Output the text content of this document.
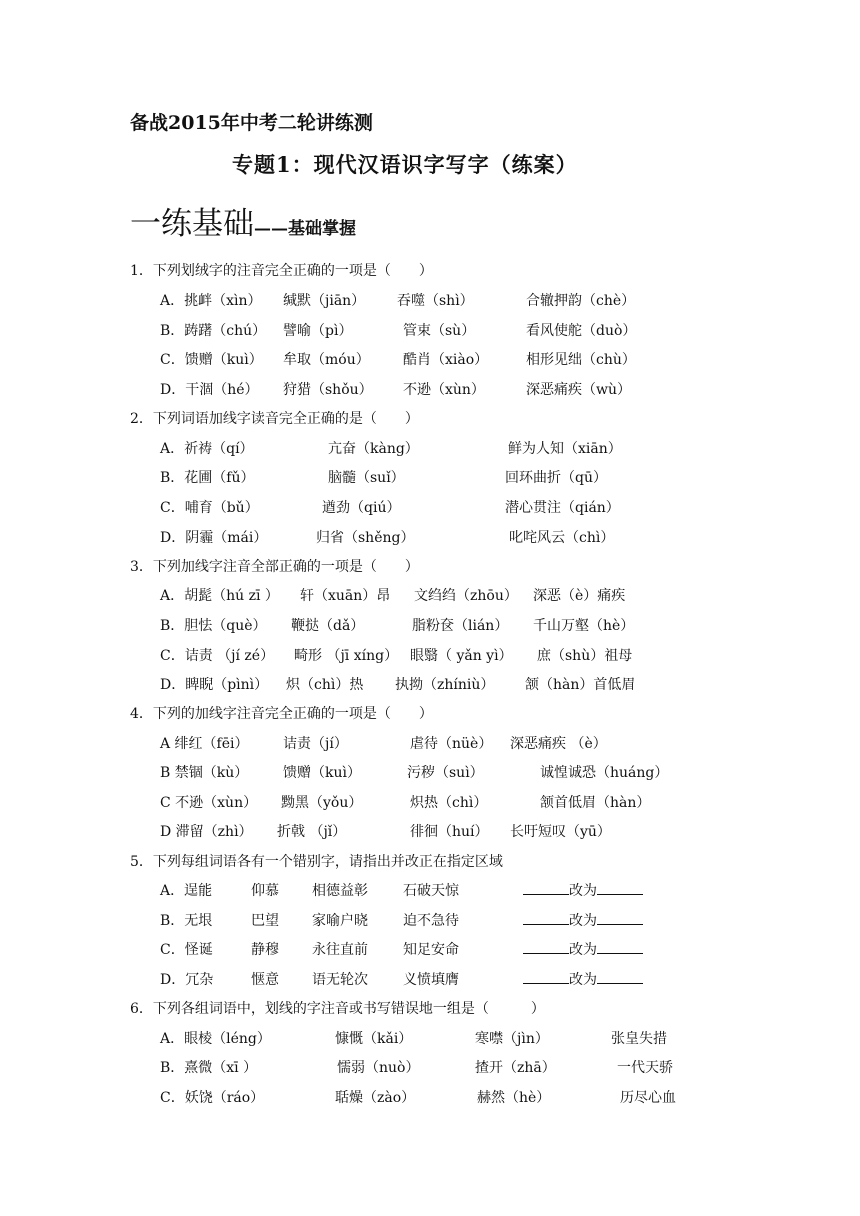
备战2015年中考二轮讲练测
专题1：现代汉语识字写字（练案）
一练基础——基础掌握
1．下列划绒字的注音完全正确的一项是（　　）
A．挑衅（xìn） 缄默（jiān） 吞噬（shì）	合辙押韵（chè）
B．踌躇（chú） 譬喻（pì）	管束（sù）	看风使舵（duò）
C．馈赠（kuì） 牟取（móu） 酷肖（xiào）	相形见绌（chù）
D．干涸（hé） 狩猎（shǒu） 不逊（xùn）	深恶痛疾（wù）
2．下列词语加线字读音完全正确的是（　　）
A．祈祷（qí）	亢奋（kàng）	鲜为人知（xiān）
B．花圃（fǔ）	脑髓（suǐ）	回环曲折（qū）
C．哺育（bǔ）	遒劲（qiú）	潜心贯注（qián）
D．阴霾（mái）	归省（shěng）	叱咤风云（chì）
3．下列加线字注音全部正确的一项是（　　）
A．胡髭（hú zī ） 轩（xuān）昂 文绉绉（zhōu） 深恶（è）痛疾
B．胆怯（què） 鞭挞（dǎ）	脂粉奁（lián） 千山万壑（hè）
C．诘责 （jí zé） 畸形 （jī xíng） 眼翳（ yǎn yì） 庶（shù）祖母
D．睥睨（pìnì） 炽（chì）热 执拗（zhíniù） 颔（hàn）首低眉
4．下列的加线字注音完全正确的一项是（　　）
A 绯红（fēi） 诘责（jí）	虐待（nüè） 深恶痛疾 （è）
B 禁锢（kù） 馈赠（kuì）	污秽（suì）	诚惶诚恐（huáng）
C 不逊（xùn） 黝黑（yǒu）	炽热（chì）	颔首低眉（hàn）
D 滞留（zhì） 折戟 （jǐ）	徘徊（huí） 长吁短叹（yū）
5．下列每组词语各有一个错别字，请指出并改正在指定区域
A．逞能	仰慕 相德益彰	石破天惊	改为
B．无垠	巴望 家喻户晓	迫不急待	改为
C．怪诞	静穆 永往直前	知足安命	改为
D．冗杂	惬意 语无轮次	义愤填膺	改为
6．下列各组词语中，划线的字注音或书写错误地一组是（　　　）
A．眼棱（léng）	慷慨（kǎi）	寒噤（jìn）	张皇失措
B．熹微（xī ）	懦弱（nuò）	揸开（zhā）	一代天骄
C．妖饶（ráo）	聒燥（zào）	赫然（hè）	历尽心血
